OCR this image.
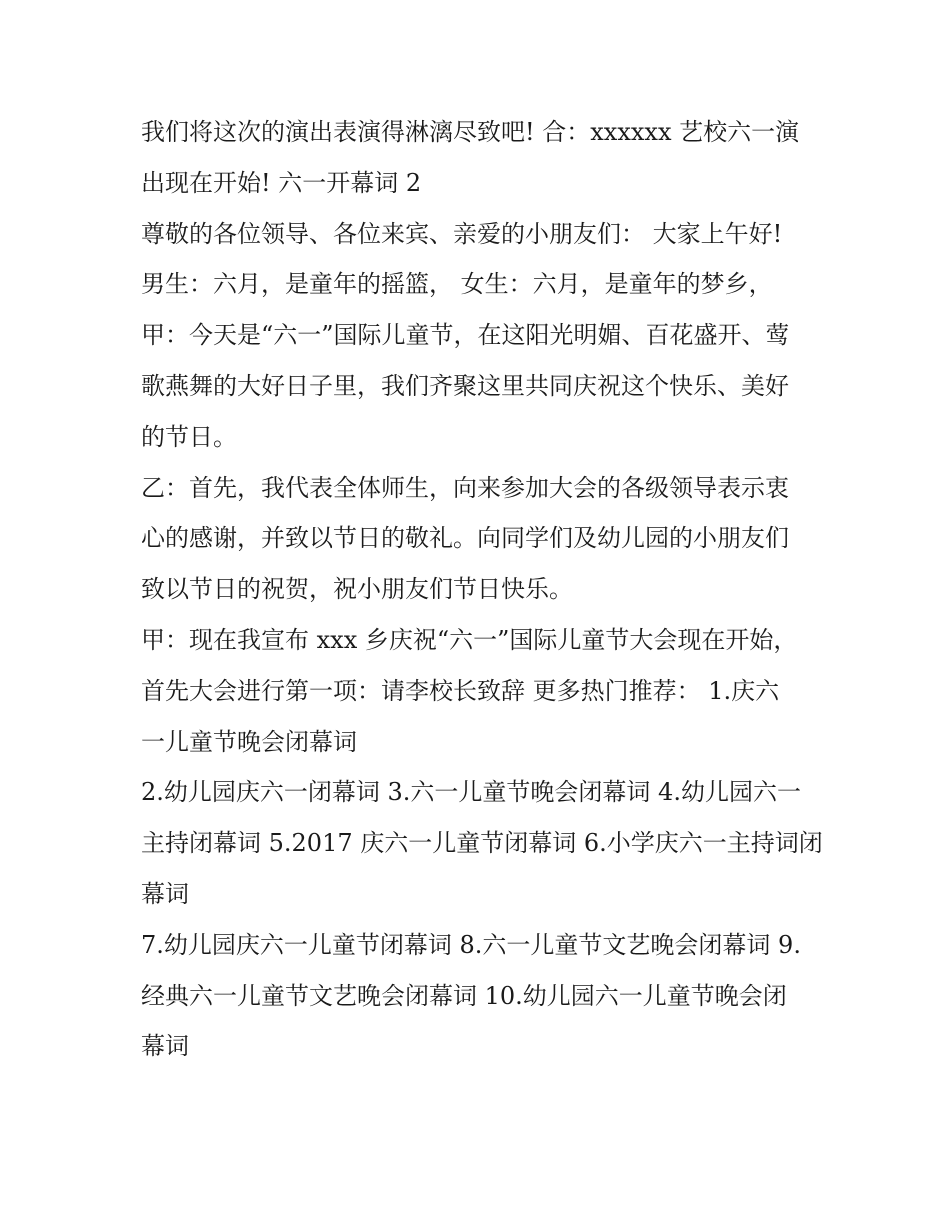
我们将这次的演出表演得淋漓尽致吧! 合：xxxxxx 艺校六一演
出现在开始! 六一开幕词 2
尊敬的各位领导、各位来宾、亲爱的小朋友们： 大家上午好!
男生：六月，是童年的摇篮， 女生：六月，是童年的梦乡，
甲：今天是“六一”国际儿童节，在这阳光明媚、百花盛开、莺
歌燕舞的大好日子里，我们齐聚这里共同庆祝这个快乐、美好
的节日。
乙：首先，我代表全体师生，向来参加大会的各级领导表示衷
心的感谢，并致以节日的敬礼。向同学们及幼儿园的小朋友们
致以节日的祝贺，祝小朋友们节日快乐。
甲：现在我宣布 xxx 乡庆祝“六一”国际儿童节大会现在开始，
首先大会进行第一项：请李校长致辞 更多热门推荐： 1.庆六
一儿童节晚会闭幕词
2.幼儿园庆六一闭幕词 3.六一儿童节晚会闭幕词 4.幼儿园六一
主持闭幕词 5.2017 庆六一儿童节闭幕词 6.小学庆六一主持词闭
幕词
7.幼儿园庆六一儿童节闭幕词 8.六一儿童节文艺晚会闭幕词 9.
经典六一儿童节文艺晚会闭幕词 10.幼儿园六一儿童节晚会闭
幕词
